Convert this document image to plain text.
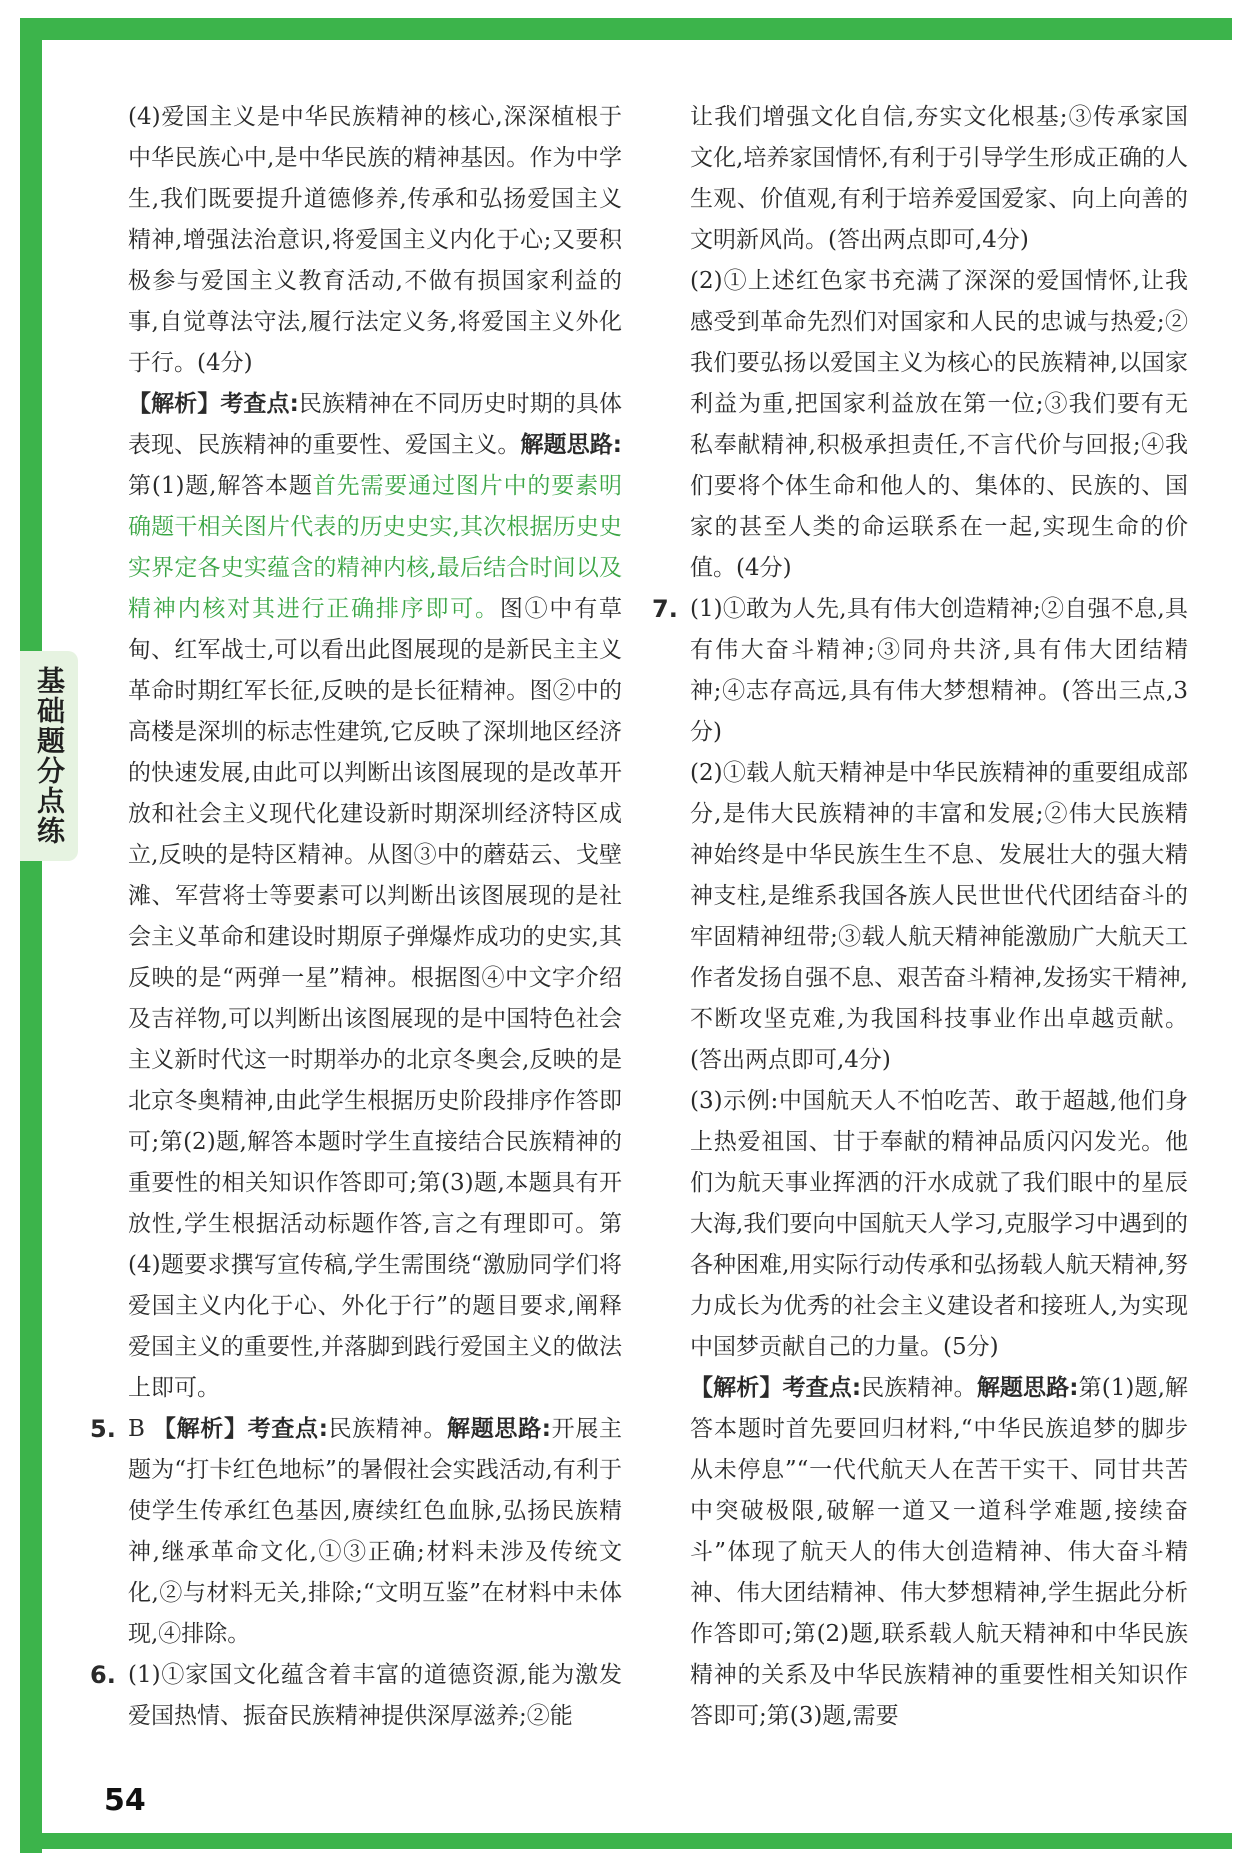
基础题分点练

(4)爱国主义是中华民族精神的核心,深深植根于中华民族心中,是中华民族的精神基因。作为中学生,我们既要提升道德修养,传承和弘扬爱国主义精神,增强法治意识,将爱国主义内化于心;又要积极参与爱国主义教育活动,不做有损国家利益的事,自觉尊法守法,履行法定义务,将爱国主义外化于行。(4分)

【解析】考查点:民族精神在不同历史时期的具体表现、民族精神的重要性、爱国主义。解题思路:第(1)题,解答本题首先需要通过图片中的要素明确题干相关图片代表的历史史实,其次根据历史史实界定各史实蕴含的精神内核,最后结合时间以及精神内核对其进行正确排序即可。图①中有草甸、红军战士,可以看出此图展现的是新民主主义革命时期红军长征,反映的是长征精神。图②中的高楼是深圳的标志性建筑,它反映了深圳地区经济的快速发展,由此可以判断出该图展现的是改革开放和社会主义现代化建设新时期深圳经济特区成立,反映的是特区精神。从图③中的蘑菇云、戈壁滩、军营将士等要素可以判断出该图展现的是社会主义革命和建设时期原子弹爆炸成功的史实,其反映的是“两弹一星”精神。根据图④中文字介绍及吉祥物,可以判断出该图展现的是中国特色社会主义新时代这一时期举办的北京冬奥会,反映的是北京冬奥精神,由此学生根据历史阶段排序作答即可;第(2)题,解答本题时学生直接结合民族精神的重要性的相关知识作答即可;第(3)题,本题具有开放性,学生根据活动标题作答,言之有理即可。第(4)题要求撰写宣传稿,学生需围绕“激励同学们将爱国主义内化于心、外化于行”的题目要求,阐释爱国主义的重要性,并落脚到践行爱国主义的做法上即可。

5. B 【解析】考查点:民族精神。解题思路:开展主题为“打卡红色地标”的暑假社会实践活动,有利于使学生传承红色基因,赓续红色血脉,弘扬民族精神,继承革命文化,①③正确;材料未涉及传统文化,②与材料无关,排除;“文明互鉴”在材料中未体现,④排除。

6. (1)①家国文化蕴含着丰富的道德资源,能为激发爱国热情、振奋民族精神提供深厚滋养;②能

让我们增强文化自信,夯实文化根基;③传承家国文化,培养家国情怀,有利于引导学生形成正确的人生观、价值观,有利于培养爱国爱家、向上向善的文明新风尚。(答出两点即可,4分)

(2)①上述红色家书充满了深深的爱国情怀,让我感受到革命先烈们对国家和人民的忠诚与热爱;②我们要弘扬以爱国主义为核心的民族精神,以国家利益为重,把国家利益放在第一位;③我们要有无私奉献精神,积极承担责任,不言代价与回报;④我们要将个体生命和他人的、集体的、民族的、国家的甚至人类的命运联系在一起,实现生命的价值。(4分)

7. (1)①敢为人先,具有伟大创造精神;②自强不息,具有伟大奋斗精神;③同舟共济,具有伟大团结精神;④志存高远,具有伟大梦想精神。(答出三点,3分)

(2)①载人航天精神是中华民族精神的重要组成部分,是伟大民族精神的丰富和发展;②伟大民族精神始终是中华民族生生不息、发展壮大的强大精神支柱,是维系我国各族人民世世代代团结奋斗的牢固精神纽带;③载人航天精神能激励广大航天工作者发扬自强不息、艰苦奋斗精神,发扬实干精神,不断攻坚克难,为我国科技事业作出卓越贡献。(答出两点即可,4分)

(3)示例:中国航天人不怕吃苦、敢于超越,他们身上热爱祖国、甘于奉献的精神品质闪闪发光。他们为航天事业挥洒的汗水成就了我们眼中的星辰大海,我们要向中国航天人学习,克服学习中遇到的各种困难,用实际行动传承和弘扬载人航天精神,努力成长为优秀的社会主义建设者和接班人,为实现中国梦贡献自己的力量。(5分)

【解析】考查点:民族精神。解题思路:第(1)题,解答本题时首先要回归材料,“中华民族追梦的脚步从未停息”“一代代航天人在苦干实干、同甘共苦中突破极限,破解一道又一道科学难题,接续奋斗”体现了航天人的伟大创造精神、伟大奋斗精神、伟大团结精神、伟大梦想精神,学生据此分析作答即可;第(2)题,联系载人航天精神和中华民族精神的关系及中华民族精神的重要性相关知识作答即可;第(3)题,需要

54
